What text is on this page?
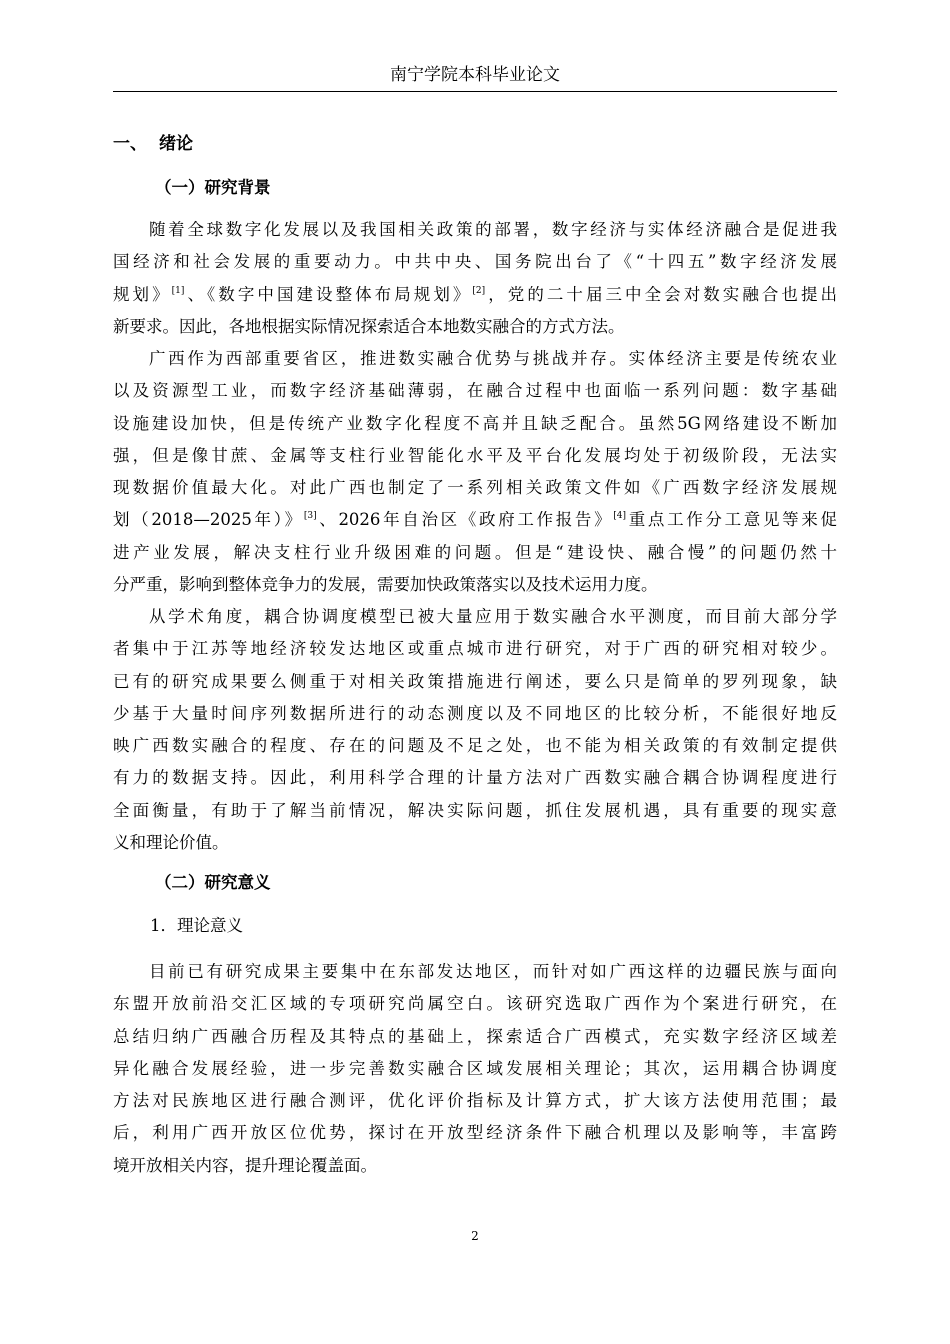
南宁学院本科毕业论文
一、 绪论
（一）研究背景
随着全球数字化发展以及我国相关政策的部署，数字经济与实体经济融合是促进我
国经济和社会发展的重要动力。中共中央、国务院出台了《“十四五”数字经济发展
规划》[1]、《数字中国建设整体布局规划》[2]，党的二十届三中全会对数实融合也提出
新要求。因此，各地根据实际情况探索适合本地数实融合的方式方法。
广西作为西部重要省区，推进数实融合优势与挑战并存。实体经济主要是传统农业
以及资源型工业，而数字经济基础薄弱，在融合过程中也面临一系列问题：数字基础
设施建设加快，但是传统产业数字化程度不高并且缺乏配合。虽然5G网络建设不断加
强，但是像甘蔗、金属等支柱行业智能化水平及平台化发展均处于初级阶段，无法实
现数据价值最大化。对此广西也制定了一系列相关政策文件如《广西数字经济发展规
划（2018—2025年）》[3]、2026年自治区《政府工作报告》[4]重点工作分工意见等来促
进产业发展，解决支柱行业升级困难的问题。但是“建设快、融合慢”的问题仍然十
分严重，影响到整体竞争力的发展，需要加快政策落实以及技术运用力度。
从学术角度，耦合协调度模型已被大量应用于数实融合水平测度，而目前大部分学
者集中于江苏等地经济较发达地区或重点城市进行研究，对于广西的研究相对较少。
已有的研究成果要么侧重于对相关政策措施进行阐述，要么只是简单的罗列现象，缺
少基于大量时间序列数据所进行的动态测度以及不同地区的比较分析，不能很好地反
映广西数实融合的程度、存在的问题及不足之处，也不能为相关政策的有效制定提供
有力的数据支持。因此，利用科学合理的计量方法对广西数实融合耦合协调程度进行
全面衡量，有助于了解当前情况，解决实际问题，抓住发展机遇，具有重要的现实意
义和理论价值。
（二）研究意义
1．理论意义
目前已有研究成果主要集中在东部发达地区，而针对如广西这样的边疆民族与面向
东盟开放前沿交汇区域的专项研究尚属空白。该研究选取广西作为个案进行研究，在
总结归纳广西融合历程及其特点的基础上，探索适合广西模式，充实数字经济区域差
异化融合发展经验，进一步完善数实融合区域发展相关理论；其次，运用耦合协调度
方法对民族地区进行融合测评，优化评价指标及计算方式，扩大该方法使用范围；最
后，利用广西开放区位优势，探讨在开放型经济条件下融合机理以及影响等，丰富跨
境开放相关内容，提升理论覆盖面。
2
